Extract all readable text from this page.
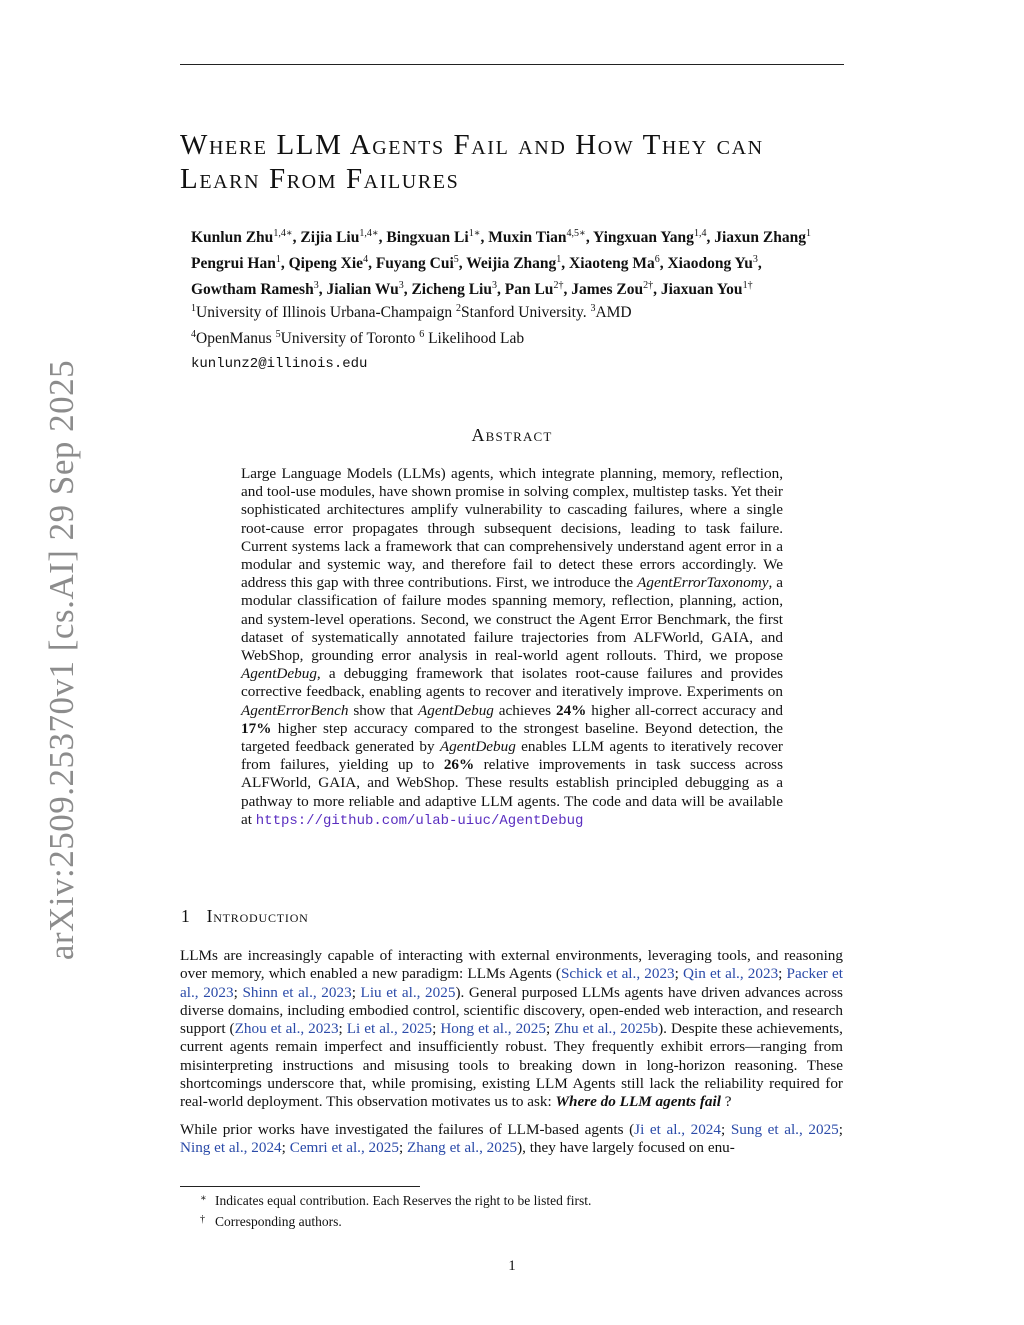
arXiv:2509.25370v1 [cs.AI] 29 Sep 2025
Where LLM Agents Fail and How They can
Learn From Failures
Kunlun Zhu$^{1,4∗}$, Zijia Liu$^{1,4∗}$, Bingxuan $Li^{1∗}$, Muxin Tian$^{4,5∗}$, Yingxuan Yang$^{1,4}$, Jiaxun Zhang$^1$
Pengrui Han$^1$, Qipeng Xie$^4$, Fuyang Cui$^5$, Weijia Zhang$^1$, Xiaoteng Ma$^6$, Xiaodong Yu$^3$,
Gowtham Ramesh$^3$, Jialian Wu$^3$, Zicheng Liu$^3$, Pan $Lu^{2\dagger}$, James Zou$^{2\dagger}$, Jiaxuan You$^{1\dagger}$
$^1$University of Illinois Urbana-Champaign $^2$Stanford University. $^3$AMD
$^4$OpenManus $^5$University of Toronto $^6$ Likelihood Lab
kunlunz2@illinois.edu
Abstract
Large Language Models (LLMs) agents, which integrate planning, memory, reflection, and tool-use modules, have shown promise in solving complex, multistep tasks. Yet their sophisticated architectures amplify vulnerability to cascading failures, where a single root-cause error propagates through subsequent decisions, leading to task failure. Current systems lack a framework that can comprehensively understand agent error in a modular and systemic way, and therefore fail to detect these errors accordingly. We address this gap with three contributions. First, we introduce the AgentErrorTaxonomy, a modular classification of failure modes spanning memory, reflection, planning, action, and system-level operations. Second, we construct the Agent Error Benchmark, the first dataset of systematically annotated failure trajectories from ALFWorld, GAIA, and WebShop, grounding error analysis in real-world agent rollouts. Third, we propose AgentDebug, a debugging framework that isolates root-cause failures and provides corrective feedback, enabling agents to recover and iteratively improve. Experiments on AgentErrorBench show that AgentDebug achieves 24% higher all-correct accuracy and 17% higher step accuracy compared to the strongest baseline. Beyond detection, the targeted feedback generated by AgentDebug enables LLM agents to iteratively recover from failures, yielding up to 26% relative improvements in task success across ALFWorld, GAIA, and WebShop. These results establish principled debugging as a pathway to more reliable and adaptive LLM agents. The code and data will be available at https://github.com/ulab-uiuc/AgentDebug
1 Introduction

LLMs are increasingly capable of interacting with external environments, leveraging tools, and reasoning over memory, which enabled a new paradigm: LLMs Agents (Schick et al., 2023; Qin et al., 2023; Packer et al., 2023; Shinn et al., 2023; Liu et al., 2025). General purposed LLMs agents have driven advances across diverse domains, including embodied control, scientific discovery, open-ended web interaction, and research support (Zhou et al., 2023; Li et al., 2025; Hong et al., 2025; Zhu et al., 2025b). Despite these achievements, current agents remain imperfect and insufficiently robust. They frequently exhibit errors—ranging from misinterpreting instructions and misusing tools to breaking down in long-horizon reasoning. These shortcomings underscore that, while promising, existing LLM Agents still lack the reliability required for real-world deployment. This observation motivates us to ask: Where do LLM agents fail ?

While prior works have investigated the failures of LLM-based agents (Ji et al., 2024; Sung et al., 2025; Ning et al., 2024; Cemri et al., 2025; Zhang et al., 2025), they have largely focused on enu-

∗ Indicates equal contribution. Each Reserves the right to be listed first.
† Corresponding authors.
1
